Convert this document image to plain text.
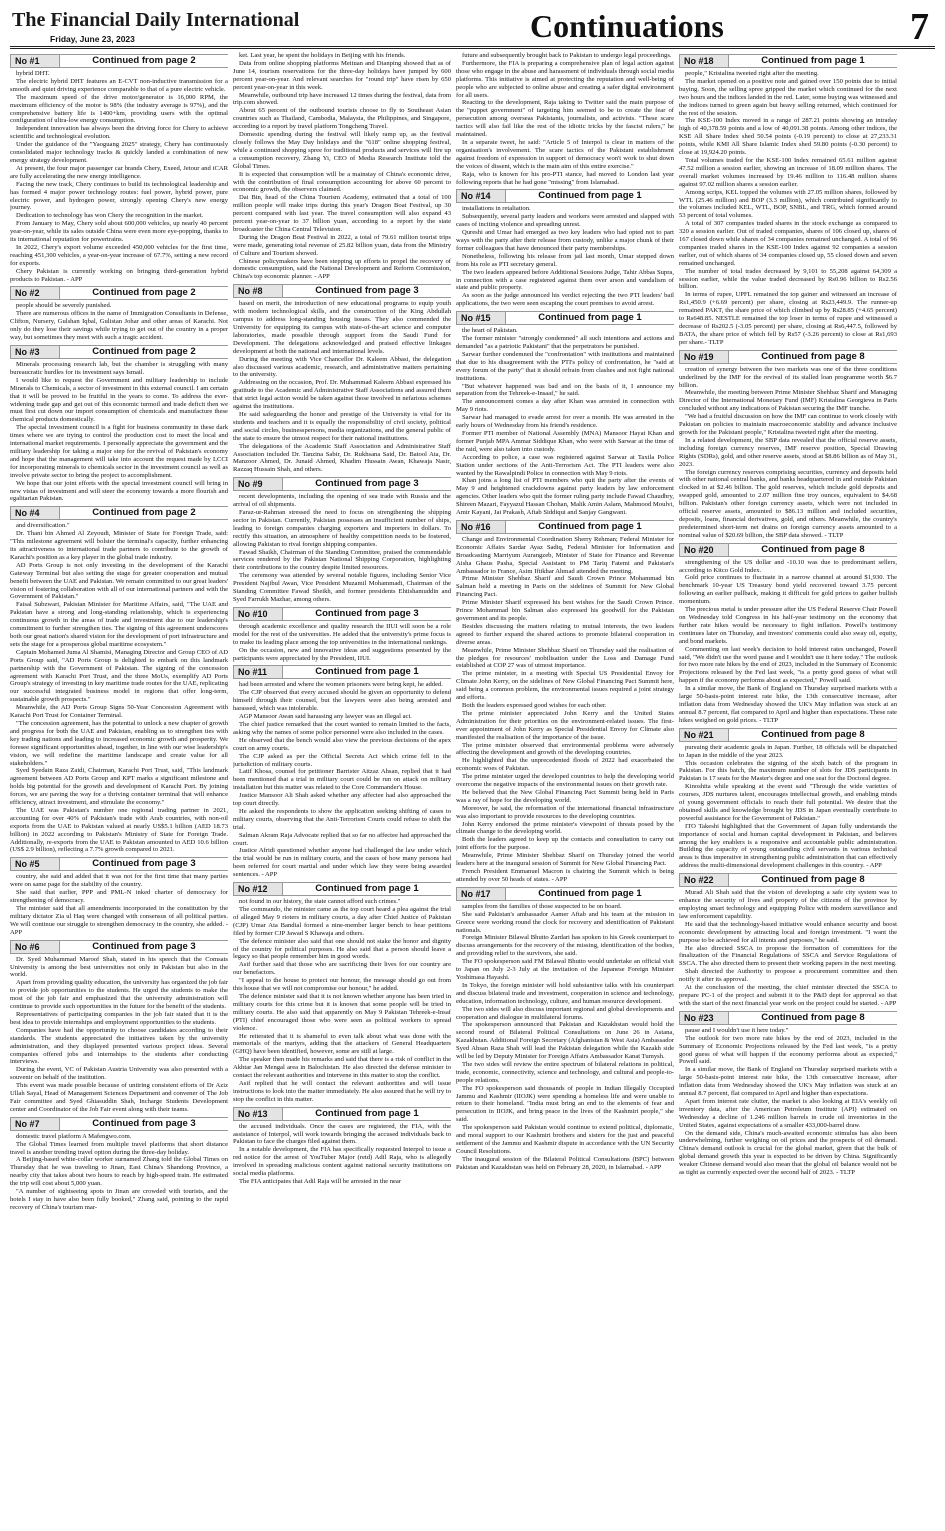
The Financial Daily International
Friday, June 23, 2023	Continuations	7
No #1	Continued from page 2

hybrid DHT.

The electric hybrid DHT features an E-CVT non-inductive transmission for a smooth and quiet driving experience comparable to that of a pure electric vehicle.

The maximum speed of the drive motor/generator is 16,000 RPM, the maximum efficiency of the motor is 98% (the industry average is 97%), and the comprehensive battery life is 1400+km, providing users with the optimal configuration of ultra-low energy consumption.

Independent innovation has always been the driving force for Chery to achieve scientific and technological evolution.

Under the guidance of the "Yaoguang 2025" strategy, Chery has continuously consolidated major technology tracks & quickly landed a combination of new energy strategy development.

At present, the four major passenger car brands Chery, Exeed, Jetour and iCAR are fully accelerating the new energy intelligence.

Facing the new track, Chery continues to build its technological leadership and has formed 4 major power technology routes: fuel power, hybrid power, pure electric power, and hydrogen power, strongly opening Chery's new energy journey.

Dedication to technology has won Chery the recognition in the market.

From January to May, Chery sold about 600,000 vehicles, up nearly 40 percent year-on-year, while its sales outside China were even more eye-popping, thanks to its international reputation for powertrains.

In 2022, Chery's export volume exceeded 450,000 vehicles for the first time, reaching 451,300 vehicles, a year-on-year increase of 67.7%, setting a new record for exports.

Chery Pakistan is currently working on bringing third-generation hybrid products to Pakistan. - APP

No #2	Continued from page 2

people should be severely punished.

There are numerous offices in the name of Immigration Consultants in Defense, Clifton, Nursery, Gulshan Iqbal, Gulistan Johar and other areas of Karachi. Not only do they lose their savings while trying to get out of the country in a proper way, but sometimes they meet with such a tragic accident.

No #3	Continued from page 2

Minerals processing research lab, but the chamber is struggling with many bureaucratic hurdles for its investment says Ismail.

I would like to request the Government and military leadership to include Minerals to Chemicals, a sector of investment in this external council. I am certain that it will be proved to be fruitful in the years to come. To address the ever-widening trade gap and get out of this economic turmoil and trade deficit then we must first cut down our import consumption of chemicals and manufacture these chemical products domestically.

The special investment council is a fight for business community in these dark times where we are trying to control the production cost to meet the local and international market requirements. I personally appreciate the government and the military leadership for taking a major step for the revival of Pakistan's economy and hope that the management will take into account the request made by LCCI for incorporating minerals to chemicals sector in the investment council as well as involve private sector to bring the project to accomplishment.

We hope that our joint efforts with the special investment council will bring in new vistas of investment and will steer the economy towards a more flourish and egalitarian Pakistan.

No #4	Continued from page 2

and diversification."

Dr. Thani bin Ahmed Al Zeyoudi, Minister of State for Foreign Trade, said: "This milestone agreement will bolster the terminal's capacity, further enhancing its attractiveness to international trade partners to contribute to the growth of Karachi's position as a key player in the global trade industry.

AD Ports Group is not only investing in the development of the Karachi Gateway Terminal but also setting the stage for greater cooperation and mutual benefit between the UAE and Pakistan. We remain committed to our great leaders' vision of fostering collaboration with all of our international partners and with the Government of Pakistan."

Faisal Subzwari, Pakistan Minister for Maritime Affairs, said, "The UAE and Pakistan have a strong and long-standing relationship, which is experiencing continuous growth in the areas of trade and investment due to our leadership's commitment to further strengthen ties. The signing of this agreement underscores both our great nation's shared vision for the development of port infrastructure and sets the stage for a prosperous global maritime ecosystem."

Captain Mohamed Juma Al Shamisi, Managing Director and Group CEO of AD Ports Group said, "AD Ports Group is delighted to embark on this landmark partnership with the Government of Pakistan. The signing of the concession agreement with Karachi Port Trust, and the three MoUs, exemplify AD Ports Group's strategy of investing in key maritime trade routes for the UAE, replicating our successful integrated business model in regions that offer long-term, sustainable growth prospects."

Meanwhile, the AD Ports Group Signs 50-Year Concession Agreement with Karachi Port Trust for Container Terminal.

"The concession agreement, has the potential to unlock a new chapter of growth and progress for both the UAE and Pakistan, enabling us to strengthen ties with key trading nations and leading to increased economic growth and prosperity. We foresee significant opportunities ahead, together, in line with our wise leadership's vision, we will redefine the maritime landscape and create value for all stakeholders."

Syed Syedain Raza Zaidi, Chairman, Karachi Port Trust, said, "This landmark agreement between AD Ports Group and KPT marks a significant milestone and holds big potential for the growth and development of Karachi Port. By joining forces, we are paving the way for a thriving container terminal that will enhance efficiency, attract investment, and stimulate the economy."

The UAE was Pakistan's number one regional trading partner in 2021, accounting for over 40% of Pakistan's trade with Arab countries, with non-oil exports from the UAE to Pakistan valued at nearly US$5.1 billion (AED 18.73 billion) in 2022 according to Pakistan's Ministry of State for Foreign Trade. Additionally, re-exports from the UAE to Pakistan amounted to AED 10.6 billion (US$ 2.9 billion), reflecting a 7.7% growth compared to 2021.

No #5	Continued from page 3

country, she said and added that it was not for the first time that many parties were on same page for the stability of the country.

She said that earlier, PPP and PML-N inked charter of democracy for strengthening of democracy.

The minister said that all amendments incorporated in the constitution by the military dictator Zia ul Haq were changed with consensus of all political parties. We will continue our struggle to strengthen democracy in the country, she added. - APP

No #6	Continued from page 3

Dr. Syed Muhammad Maroof Shah, stated in his speech that the Comsats University is among the best universities not only in Pakistan but also in the world.

Apart from providing quality education, the university has organized the job fair to provide job opportunities to the students. He urged the students to make the most of the job fair and emphasized that the university administration will continue to provide such opportunities in the future for the benefit of the students.

Representatives of participating companies in the job fair stated that it is the best idea to provide internships and employment opportunities to the students.

Companies have had the opportunity to choose candidates according to their standards. The students appreciated the initiatives taken by the university administration, and they displayed presented various project ideas. Several companies offered jobs and internships to the students after conducting interviews.

During the event, VC of Pakistan Austria University was also presented with a souvenir on behalf of the institution.

This event was made possible because of untiring consistent efforts of Dr Aziz Ullah Sayal, Head of Management Sciences Department and convener of The Job Fair committee and Syed Ghiasuddin Shah, Incharge Students Development center and Coordinator of the Job Fair event along with their teams.

No #7	Continued from page 3

domestic travel platform A Mafengwo.com.

The Global Times learned from multiple travel platforms that short distance travel is another trending travel option during the three-day holiday.

A Beijing-based white-collar worker surnamed Zhang told the Global Times on Thursday that he was traveling to Jinan, East China's Shandong Province, a nearby city that takes about two hours to reach by high-speed train. He estimated the trip will cost about 5,000 yuan.

"A number of sightseeing spots in Jinan are crowded with tourists, and the hotels I stay in have also been fully booked," Zhang said, pointing to the rapid recovery of China's tourism mar-

ket. Last year, he spent the holidays in Beijing with his friends.

Data from online shopping platforms Meituan and Dianping showed that as of June 14, tourism reservations for the three-day holidays have jumped by 600 percent year-on-year. And relevant searches for "round trip" have risen by 650 percent year-on-year in this week.

Meanwhile, outbound trip have increased 12 times during the festival, data from trip.com showed.

About 65 percent of the outbound tourists choose to fly to Southeast Asian countries such as Thailand, Cambodia, Malaysia, the Philippines, and Singapore, according to a report by travel platform Tongcheng Travel.

Domestic spending during the festival will likely ramp up, as the festival closely follows the May Day holidays and the "618" online shopping festival, while a continued shopping spree for traditional products and services will fire up a consumption recovery, Zhang Yi, CEO of Media Research Institute told the Global Times.

It is expected that consumption will be a mainstay of China's economic drive, with the contribution of final consumption accounting for above 60 percent to economic growth, the observers claimed.

Dai Bin, head of the China Tourism Academy, estimated that a total of 100 million people will make trips during this year's Dragon Boat Festival, up 30 percent compared with last year. The travel consumption will also expand 43 percent year-on-year to 37 billion yuan, according to a report by the state broadcaster the China Central Television.

During the Dragon Boat Festival in 2022, a total of 79.61 million tourist trips were made, generating total revenue of 25.82 billion yuan, data from the Ministry of Culture and Tourism showed.

Chinese policymakers have been stepping up efforts to propel the recovery of domestic consumption, said the National Development and Reform Commission, China's top economic planner. - APP

No #8	Continued from page 3

based on merit, the introduction of new educational programs to equip youth with modern technological skills, and the construction of the King Abdullah campus to address long-standing housing issues. They also commended the University for equipping its campus with state-of-the-art science and computer laboratories, made possible through support from the Saudi Fund for Development. The delegations acknowledged and praised effective linkages development at both the national and international levels.

During the meeting with Vice Chancellor Dr. Kaleem Abbasi, the delegation also discussed various academic, research, and administrative matters pertaining to the university.

Addressing on the occasion, Prof. Dr. Muhammad Kaleem Abbasi expressed his gratitude to the Academic and Administrative Staff Associations and assured them that strict legal action would be taken against those involved in nefarious schemes against the institutions.

He said safeguarding the honor and prestige of the University is vital for its students and teachers and it is equally the responsibility of civil society, political and social circles, businesspersons, media organizations, and the general public of the state to ensure the utmost respect for their national institutions.

The delegations of the Academic Staff Association and Administrative Staff Association included Dr. Tanzina Sabir, Dr. Rukhsana Said, Dr. Batool Ata, Dr. Manzoor Ahmed, Dr. Junaid Ahmed, Khadim Hussain Awan, Khawaja Nasir, Razzaq Hussain Shah, and others.

No #9	Continued from page 3

recent developments, including the opening of sea trade with Russia and the arrival of oil shipments.

Faraz-ur-Rahman stressed the need to focus on strengthening the shipping sector in Pakistan. Currently, Pakistan possesses an insufficient number of ships, leading to foreign companies charging exporters and importers in dollars. To rectify this situation, an atmosphere of healthy competition needs to be fostered, allowing Pakistan to rival foreign shipping companies.

Fawad Shaikh, Chairman of the Standing Committee, praised the commendable services rendered by the Pakistan National Shipping Corporation, highlighting their contributions to the country despite limited resources.

The ceremony was attended by several notable figures, including Senior Vice President Najibul Awan, Vice President Muzamil Mohammadi, Chairman of the Standing Committee Fawad Sheikh, and former presidents Ehtishamuddin and Syed Farrukh Mazhar, among others.

No #10	Continued from page 3

through academic excellence and quality research the IIUI will soon be a role model for the rest of the universities. He added that the university's prime focus is to make its leading place among the top universities in the international rankings.

On the occasion, new and innovative ideas and suggestions presented by the participants were appreciated by the President, IIUI.

No #11	Continued from page 1

had been arrested and where the women prisoners were being kept, he added.

The CJP observed that every accused should be given an opportunity to defend himself through their counsel, but the lawyers were also being arrested and harassed, which was intolerable.

AGP Mansoor Awan said harassing any lawyer was an illegal act.

The chief justice remarked that the court wanted to remain limited to the facts, asking why the names of some police personnel were also included in the cases.

He observed that the bench would also view the previous decisions of the apex court on army courts.

The CJP asked as per the Official Secrets Act which crime fell in the jurisdiction of military courts.

Latif Khosa, counsel for petitioner Barrister Aitzaz Ahsan, replied that it had been mentioned that a trial in military court could be run on attack on military installation but this matter was related to the Core Commander's House.

Justice Mansoor Ali Shah asked whether any affectee had also approached the top court directly.

He asked the respondents to show the application seeking shifting of cases to military courts, observing that the Anti-Terrorism Courts could refuse to shift the trial.

Salman Akram Raja Advocate replied that so far no affectee had approached the court.

Justice Afridi questioned whether anyone had challenged the law under which the trial would be run in military courts, and the cases of how many persons had been referred for court martial and under which law they were being awarded sentences. - APP

No #12	Continued from page 1

not found in our history, the state cannot afford such crimes."

The commando, the minister came as the top court heard a plea against the trial of alleged May 9 rioters in military courts, a day after Chief Justice of Pakistan (CJP) Umar Ata Bandial formed a nine-member larger bench to hear petitions filed by former CJP Jawad S Khawaja and others.

The defence minister also said that one should not stake the honor and dignity of the country for political purposes. He also said that a person should leave a legacy so that people remember him in good words.

Asif further said that those who are sacrificing their lives for our country are our benefactors.

"I appeal to the house to protect our honour, the message should go out from this house that we will not compromise our honour," he added.

The defence minister said that it is not known whether anyone has been tried in military courts for this crime but it is known that some people will be tried in military courts. He also said that apparently on May 9 Pakistan Tehreek-e-Insaf (PTI) chief encouraged those who were seen as political workers to spread violence.

He reiterated that it is shameful to even talk about what was done with the memorials of the martyrs, adding that the attackers of General Headquarters (GHQ) have been identified, however, some are still at large.

The speaker then made his remarks and said that there is a risk of conflict in the Akhtar Jan Mengal area in Balochistan. He also directed the defense minister to contact the relevant authorities and intervene in this matter to stop the conflict.

Asif replied that he will contact the relevant authorities and will issue instructions to look into the matter immediately. He also assured that he will try to stop the conflict in this matter.

No #13	Continued from page 1

the accused individuals. Once the cases are registered, the FIA, with the assistance of Interpol, will work towards bringing the accused individuals back to Pakistan to face the charges filed against them.

In a notable development, the FIA has specifically requested Interpol to issue a red notice for the arrest of YouTuber Major (retd) Adil Raja, who is allegedly involved in spreading malicious content against national security institutions on social media platforms.

The FIA anticipates that Adil Raja will be arrested in the near

future and subsequently brought back to Pakistan to undergo legal proceedings.

Furthermore, the FIA is preparing a comprehensive plan of legal action against those who engage in the abuse and harassment of individuals through social media platforms. This initiative is aimed at protecting the reputation and well-being of people who are subjected to online abuse and creating a safer digital environment for all users.

Reacting to the development, Raja taking to Twitter said the main purpose of the "puppet government" of targeting him seemed to be to create the fear of persecution among overseas Pakistanis, journalists, and activists. "These scare tactics will also fail like the rest of the idiotic tricks by the fascist rulers," he maintained.

In a separate tweet, he said: "Article 5 of Interpol is clear in matters of the organisation's involvement. The scare tactics of the Pakistani establishment against freedom of expression in support of democracy won't work to shut down the voices of dissent, which is the main aim of this entire exercise."

Raja, who is known for his pro-PTI stance, had moved to London last year following reports that he had gone "missing" from Islamabad.

No #14	Continued from page 1

installations in retaliation.

Subsequently, several party leaders and workers were arrested and slapped with cases of inciting violence and spreading unrest.

Qureshi and Umar had emerged as two key leaders who had opted not to part ways with the party after their release from custody, unlike a major chunk of their former colleagues that have denounced their party memberships.

Nonetheless, following his release from jail last month, Umar stepped down from his role as PTI secretary general.

The two leaders appeared before Additional Sessions Judge, Tahir Abbas Supra, in connection with a case registered against them over arson and vandalism of state and public property.

As soon as the judge announced his verdict rejecting the two PTI leaders' bail applications, the two were seen escaping the court premises to avoid arrest.

No #15	Continued from page 1

the heart of Pakistan.

The former minister "strongly condemned" all such intentions and actions and demanded "as a patriotic Pakistani" that the perpetrators be punished.

Sarwar further condemned the "confrontation" with institutions and maintained that due to his disagreement with the PTI's policy of confrontation, he "said at every forum of the party" that it should refrain from clashes and not fight national institutions.

"But whatever happened was bad and on the basis of it, I announce my separation from the Tehreek-e-Insaaf," he said.

The announcement comes a day after Khan was arrested in connection with May 9 riots.

Sarwar had managed to evade arrest for over a month. He was arrested in the early hours of Wednesday from his friend's residence.

Former PTI member of National Assembly (MNA) Mansoor Hayat Khan and former Punjab MPA Ammar Siddique Khan, who were with Sarwar at the time of the raid, were also taken into custody.

According to police, a case was registered against Sarwar at Taxila Police Station under sections of the Anti-Terrorism Act. The PTI leaders were also wanted by the Rawalpindi Police in connection with May 9 riots.

Khan joins a long list of PTI members who quit the party after the events of May 9 and heightened crackdowns against party leaders by law enforcement agencies. Other leaders who quit the former ruling party include Fawad Chaudhry, Shireen Mazari, Fayyazul Hassan Chohan, Malik Amin Aslam, Mahmood Moulvi, Amir Kayani, Jai Prakash, Aftab Siddiqui and Sanjay Gangwani.

No #16	Continued from page 1

Change and Environmental Coordination Sherry Rehman; Federal Minister for Economic Affairs Sardar Ayaz Sadiq, Federal Minister for Information and Broadcasting Marriyum Aurangzeb, Minister of State for Finance and Revenue Aisha Ghaus Pasha, Special Assistant to PM Tariq Fatemi and Pakistan's Ambassador to France, Asim Iftikhar Ahmad attended the meeting.

Prime Minister Shehbaz Sharif and Saudi Crown Prince Mohammad bin Salman held a meeting in Paris on the sidelines of Summit for New Global Financing Pact.

Prime Minister Sharif expressed his best wishes for the Saudi Crown Prince. Prince Mohammad bin Salman also expressed his goodwill for the Pakistan government and its people.

Besides discussing the matters relating to mutual interests, the two leaders agreed to further expand the shared actions to promote bilateral cooperation in diverse areas.

Meanwhile, Prime Minister Shehbaz Sharif on Thursday said the realisation of the pledges for resources' mobilisation under the Loss and Damage Fund established at COP 27 was of utmost importance.

The prime minister, in a meeting with Special US Presidential Envoy for Climate John Kerry, on the sidelines of New Global Financing Pact Summit here, said being a common problem, the environmental issues required a joint strategy and efforts.

Both the leaders expressed good wishes for each other.

The prime minister appreciated John Kerry and the United States Administration for their priorities on the environment-related issues. The first-ever appointment of John Kerry as Special Presidential Envoy for Climate also manifested the realisation of the importance of the issue.

The prime minister observed that environmental problems were adversely affecting the development and growth of the developing countries.

He highlighted that the unprecedented floods of 2022 had exacerbated the economic woes of Pakistan.

The prime minister urged the developed countries to help the developing world overcome the negative impacts of the environmental issues on their growth rate.

He believed that the New Global Financing Pact Summit being held in Paris was a ray of hope for the developing world.

Moreover, he said, the reformation of the international financial infrastructure was also important to provide resources to the developing countries.

John Kerry endorsed the prime minister's viewpoint of threats posed by the climate change to the developing world.

Both the leaders agreed to keep up the contacts and consultation to carry out joint efforts for the purpose.

Meanwhile, Prime Minister Shehbaz Sharif on Thursday joined the world leaders here at the inaugural session of Summit for New Global Financing Pact.

French President Emmanuel Macron is chairing the Summit which is being attended by over 50 heads of states. - APP

No #17	Continued from page 1

samples from the families of those suspected to be on board.

She said Pakistan's ambassador Aamer Aftab and his team at the mission in Greece were working round the clock for recovery and identification of Pakistani nationals.

Foreign Minister Bilawal Bhutto Zardari has spoken to his Greek counterpart to discuss arrangements for the recovery of the missing, identification of the bodies, and providing relief to the survivors, she said.

The FO spokesperson said FM Bilawal Bhutto would undertake an official visit to Japan on July 2-3 July at the invitation of the Japanese Foreign Minister Yoshimasa Hayashi.

In Tokyo, the foreign minister will hold substantive talks with his counterpart and discuss bilateral trade and investment, cooperation in science and technology, education, information technology, culture, and human resource development.

The two sides will also discuss important regional and global developments and cooperation and dialogue in multilateral forums.

The spokesperson announced that Pakistan and Kazakhstan would hold the second round of Bilateral Political Consultations on June 26 in Astana, Kazakhstan. Additional Foreign Secretary (Afghanistan & West Asia) Ambassador Syed Ahsan Raza Shah will lead the Pakistan delegation while the Kazakh side will be led by Deputy Minister for Foreign Affairs Ambassador Kanat Tumysh.

The two sides will review the entire spectrum of bilateral relations in political, trade, economic, connectivity, science and technology, and cultural and people-to-people relations.

The FO spokesperson said thousands of people in Indian Illegally Occupied Jammu and Kashmir (IIOJK) were spending a homeless life and were unable to return to their homeland. "India must bring an end to the elements of fear and persecution in IIOJK, and bring peace in the lives of the Kashmiri people," she said.

The spokesperson said Pakistan would continue to extend political, diplomatic, and moral support to our Kashmiri brothers and sisters for the just and peaceful settlement of the Jammu and Kashmir dispute in accordance with the UN Security Council Resolutions.

The inaugural session of the Bilateral Political Consultations (BPC) between Pakistan and Kazakhstan was held on February 28, 2020, in Islamabad. - APP

No #18	Continued from page 1

people," Kristalina tweeted right after the meeting.

The market opened on a positive note and gained over 150 points due to initial buying. Soon, the selling spree gripped the market which continued for the next two hours and the indices landed in the red. Later, some buying was witnessed and the indices turned to green again but heavy selling returned, which continued for the rest of the session.

The KSE-100 Index moved in a range of 287.21 points showing an intraday high of 40,378.59 points and a low of 40,091.38 points. Among other indices, the KSE All Share Index shed 50.54 points (-0.19 percent) to close at 27,233.31 points, while KMI All Share Islamic Index shed 59.80 points (-0.30 percent) to close at 19,924.20 points.

Total volumes traded for the KSE-100 Index remained 65.61 million against 47.52 million a session earlier, showing an increase of 18.09 million shares. The overall market volumes increased by 19.46 million to 116.48 million shares against 97.02 million shares a session earlier.

Among scrips, KEL topped the volumes with 27.05 million shares, followed by WTL (25.46 million) and BOP (3.3 million), which contributed significantly to the volumes included KEL, WTL, BOP, SNBL, and TRG, which formed around 53 percent of total volumes.

A total of 307 companies traded shares in the stock exchange as compared to 320 a session earlier. Out of traded companies, shares of 106 closed up, shares of 167 closed down while shares of 34 companies remained unchanged. A total of 96 companies traded shares in the KSE-100 Index against 92 companies a session earlier, out of which shares of 34 companies closed up, 55 closed down and seven remained unchanged.

The number of total trades decreased by 9,101 to 55,208 against 64,309 a session earlier, while the value traded decreased by Rs0.96 billion to Rs2.56 billion.

In terms of rupee, UPFL remained the top gainer and witnessed an increase of Rs1,450.9 (+6.69 percent) per share, closing at Rs23,449.9. The runner-up remained PAKT, the share price of which climbed up by Rs28.85 (+4.65 percent) to Rs648.85. NESTLE remained the top loser in terms of rupee and witnessed a decrease of Rs202.5 (-3.05 percent) per share, closing at Rs6,447.5, followed by BATA, the share price of which fell by Rs57 (-3.26 percent) to close at Rs1,693 per share.- TLTP

No #19	Continued from page 8

creation of synergy between the two markets was one of the three conditions underlined by the IMF for the revival of its stalled loan programme worth $6.7 billion.

Meanwhile, the meeting between Prime Minister Shehbaz Sharif and Managing Director of the International Monetary Fund (IMF) Kristalina Georgieva in Paris concluded without any indications of Pakistan securing the IMF tranche.

"We had a fruitful discussion on how the IMF can continue to work closely with Pakistan on policies to maintain macroeconomic stability and advance inclusive growth for the Pakistani people," Kristalina tweeted right after the meeting.

In a related development, the SBP data revealed that the official reserve assets, including foreign currency reserves, IMF reserve position, Special Drawing Rights (SDRs), gold, and other reserve assets, stood at $8.86 billion as of May 31, 2023.

The foreign currency reserves comprising securities, currency and deposits held with other national central banks, and banks headquartered in and outside Pakistan clocked in at $2.46 billion. The gold reserves, which include gold deposits and swapped gold, amounted to 2.07 million fine troy ounces, equivalent to $4.68 billion. Pakistan's other foreign currency assets, which were not included in official reserve assets, amounted to $86.13 million and included securities, deposits, loans, financial derivatives, gold, and others. Meanwhile, the country's predetermined short-term net drains on foreign currency assets amounted to a nominal value of $20.69 billion, the SBP data showed. - TLTP

No #20	Continued from page 8

strengthening of the US dollar and -10.10 was due to predominant sellers, according to Kitco Gold Index.

Gold price continues to fluctuate in a narrow channel at around $1,930. The benchmark 10-year US Treasury bond yield recovered toward 3.75 percent following an earlier pullback, making it difficult for gold prices to gather bullish momentum.

The precious metal is under pressure after the US Federal Reserve Chair Powell on Wednesday told Congress in his half-year testimony on the economy that further rate hikes would be necessary to fight inflation. Powell's testimony continues later on Thursday, and investors' comments could also sway oil, equity, and bond markets.

Commenting on last week's decision to hold interest rates unchanged, Powell said, "We didn't use the word pause and I wouldn't use it here today." The outlook for two more rate hikes by the end of 2023, included in the Summary of Economic Projections released by the Fed last week, "is a pretty good guess of what will happen if the economy performs about as expected," Powell said.

In a similar move, the Bank of England on Thursday surprised markets with a large 50-basis-point interest rate hike, the 13th consecutive increase, after inflation data from Wednesday showed the UK's May inflation was stuck at an annual 8.7 percent, flat compared to April and higher than expectations. These rate hikes weighed on gold prices. - TLTP

No #21	Continued from page 8

pursuing their academic goals in Japan. Further, 18 officials will be dispatched to Japan in the middle of the year 2023.

This occasion celebrates the signing of the sixth batch of the program in Pakistan. For this batch, the maximum number of slots for JDS participants in Pakistan is 17 seats for the Master's degree and one seat for the Doctoral degree.

Kinoshita while speaking at the event said "Through the wide varieties of courses, JDS nurtures talent, encourages intellectual growth, and enabling minds of young government officials to reach their full potential. We desire that the obtained skills and knowledge brought by JDS in Japan eventually contribute to powerful assistance for the Government of Pakistan."

ITO Takeshi highlighted that the Government of Japan fully understands the importance of social and human capital development in Pakistan, and believes among the key enablers is a responsive and accountable public administration. Building the capacity of young outstanding civil servants in various technical areas is thus imperative in strengthening public administration that can effectively address the multi-dimensional development challenges in this country. - APP

No #22	Continued from page 8

Murad Ali Shah said that the vision of developing a safe city system was to enhance the security of lives and property of the citizens of the province by employing smart technology and equipping Police with modern surveillance and law enforcement capability.

He said that the technology-based initiative would enhance security and boost economic development by attracting local and foreign investment. "I want the purpose to be achieved for all intents and purposes," he said.

He also directed SSCA to propose the formation of committees for the finalization of the Financial Regulations of SSCA and Service Regulations of SSCA. The also directed them to present their working papers in the next meeting.

Shah directed the Authority to propose a procurement committee and then notify it after its approval.

At the conclusion of the meeting, the chief minister directed the SSCA to prepare PC-1 of the project and submit it to the P&D dept for approval so that with the start of the next financial year work on the project could be started. - APP

No #23	Continued from page 8

pause and I wouldn't use it here today."

The outlook for two more rate hikes by the end of 2023, included in the Summary of Economic Projections released by the Fed last week, "is a pretty good guess of what will happen if the economy performs about as expected," Powell said.

In a similar move, the Bank of England on Thursday surprised markets with a large 50-basis-point interest rate hike, the 13th consecutive increase, after inflation data from Wednesday showed the UK's May inflation was stuck at an annual 8.7 percent, flat compared to April and higher than expectations.

Apart from interest rate clutter, the market is also looking at EIA's weekly oil inventory data, after the American Petroleum Institute (API) estimated on Wednesday a decline of 1.246 million barrels in crude oil inventories in the United States, against expectations of a smaller 433,000-barrel draw.

On the demand side, China's much-awaited economic stimulus has also been underwhelming, further weighing on oil prices and the prospects of oil demand. China's demand outlook is crucial for the global market, given that the bulk of global demand growth this year is expected to be driven by China. Significantly weaker Chinese demand would also mean that the global oil balance would not be as tight as currently expected over the second half of 2023. - TLTP
